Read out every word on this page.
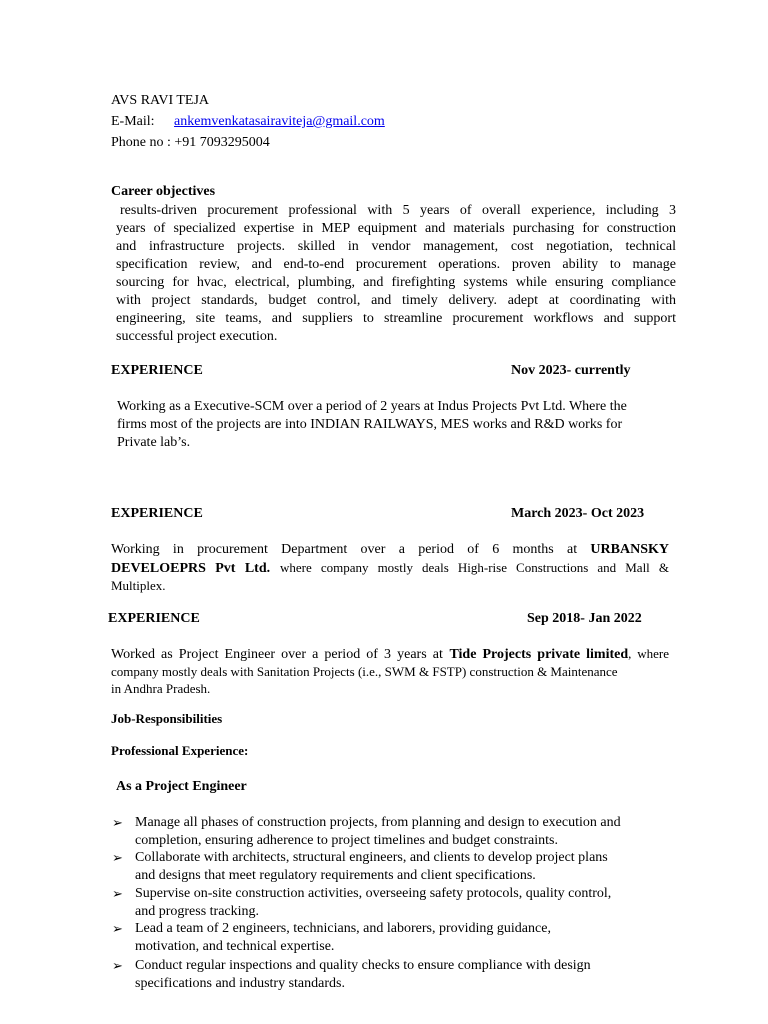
AVS RAVI TEJA
E-Mail: ankemvenkatasairaviteja@gmail.com
Phone no : +91 7093295004
Career objectives
results-driven procurement professional with 5 years of overall experience, including 3
years of specialized expertise in MEP equipment and materials purchasing for construction
and infrastructure projects. skilled in vendor management, cost negotiation, technical
specification review, and end-to-end procurement operations. proven ability to manage
sourcing for hvac, electrical, plumbing, and firefighting systems while ensuring compliance
with project standards, budget control, and timely delivery. adept at coordinating with
engineering, site teams, and suppliers to streamline procurement workflows and support
successful project execution.
EXPERIENCE	Nov 2023- currently
Working as a Executive-SCM over a period of 2 years at Indus Projects Pvt Ltd. Where the
firms most of the projects are into INDIAN RAILWAYS, MES works and R&D works for
Private lab’s.
EXPERIENCE	March 2023- Oct 2023
Working in procurement Department over a period of 6 months at URBANSKY
DEVELOEPRS Pvt Ltd. where company mostly deals High-rise Constructions and Mall &
Multiplex.
EXPERIENCE	Sep 2018- Jan 2022
Worked as Project Engineer over a period of 3 years at Tide Projects private limited, where
company mostly deals with Sanitation Projects (i.e., SWM & FSTP) construction & Maintenance
in Andhra Pradesh.
Job-Responsibilities
Professional Experience:
As a Project Engineer
➢ Manage all phases of construction projects, from planning and design to execution and
completion, ensuring adherence to project timelines and budget constraints.
➢ Collaborate with architects, structural engineers, and clients to develop project plans
and designs that meet regulatory requirements and client specifications.
➢ Supervise on-site construction activities, overseeing safety protocols, quality control,
and progress tracking.
➢ Lead a team of 2 engineers, technicians, and laborers, providing guidance,
motivation, and technical expertise.
➢ Conduct regular inspections and quality checks to ensure compliance with design
specifications and industry standards.
